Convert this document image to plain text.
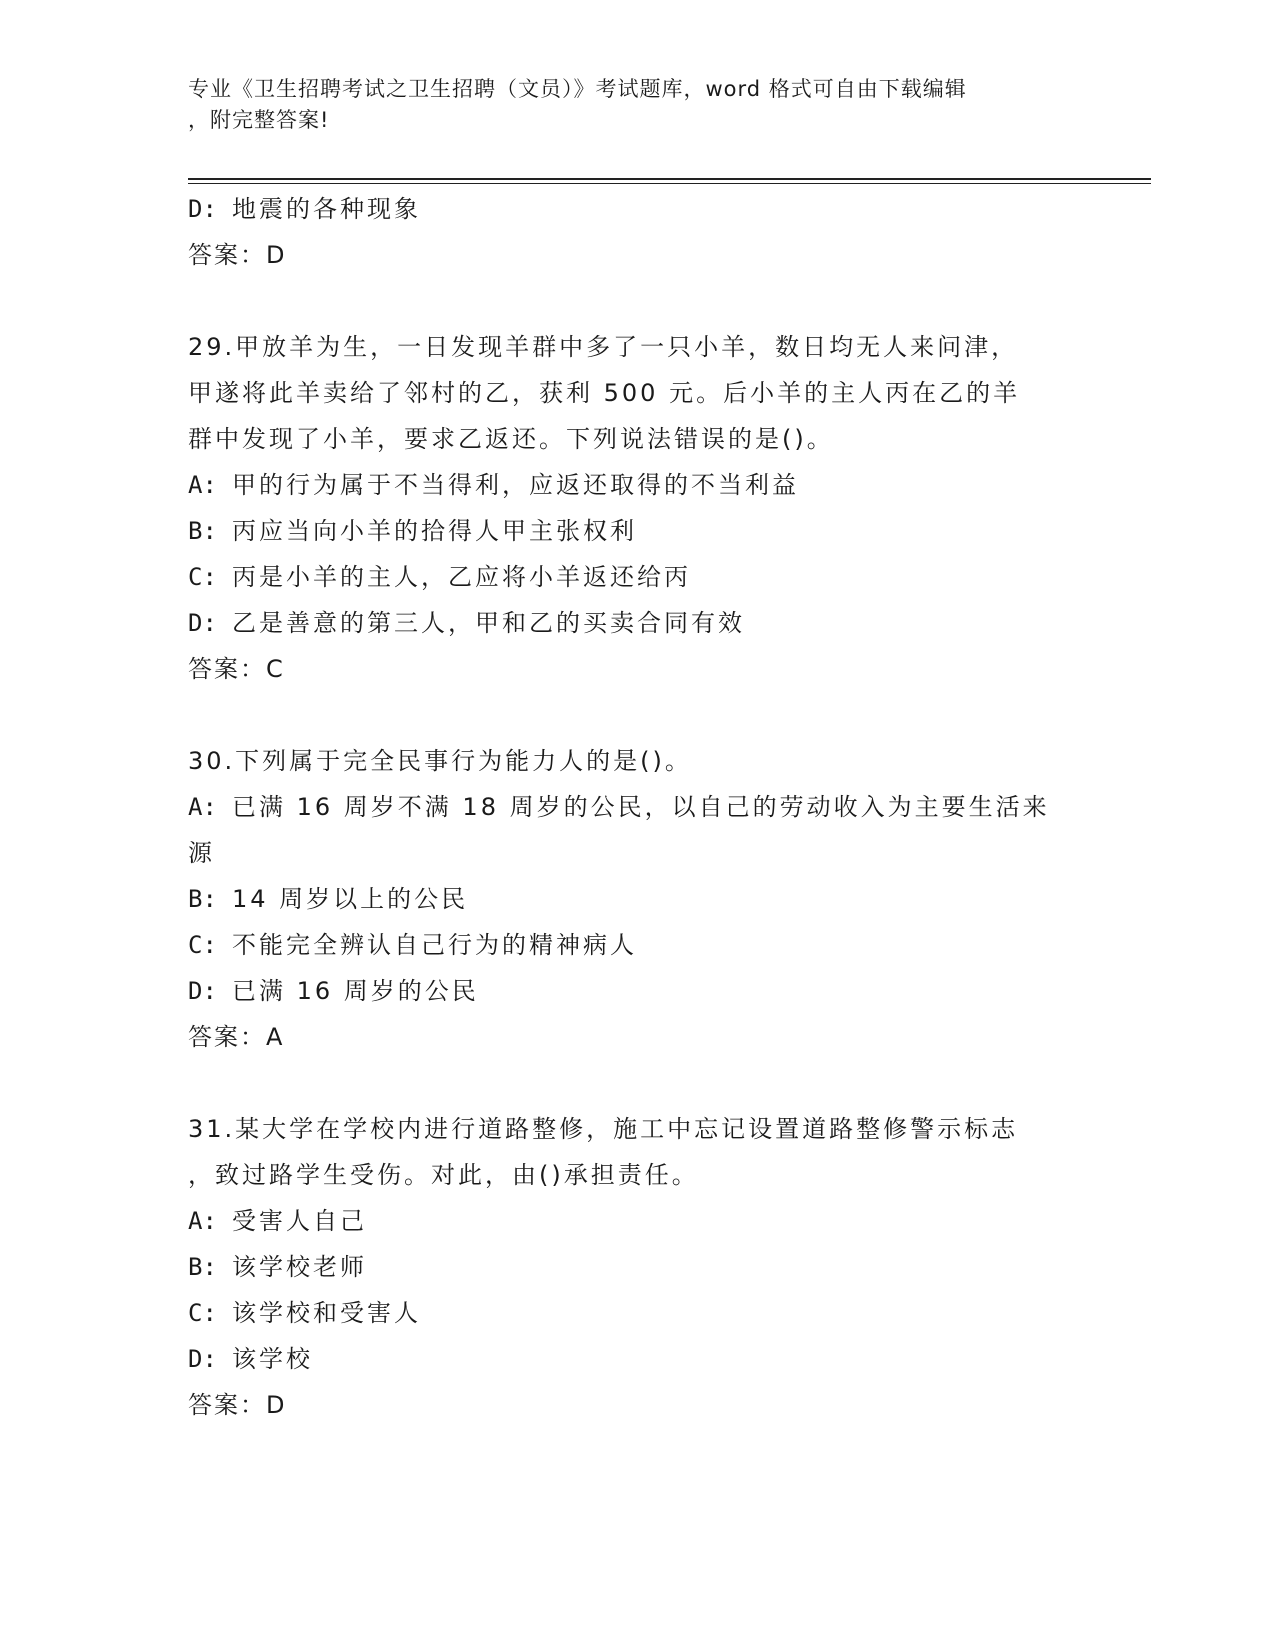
专业《卫生招聘考试之卫生招聘（文员）》考试题库，word 格式可自由下载编辑
，附完整答案!
D: 地震的各种现象
答案：D
29.甲放羊为生，一日发现羊群中多了一只小羊，数日均无人来问津，
甲遂将此羊卖给了邻村的乙，获利 500 元。后小羊的主人丙在乙的羊
群中发现了小羊，要求乙返还。下列说法错误的是()。
A: 甲的行为属于不当得利，应返还取得的不当利益
B: 丙应当向小羊的拾得人甲主张权利
C: 丙是小羊的主人，乙应将小羊返还给丙
D: 乙是善意的第三人，甲和乙的买卖合同有效
答案：C
30.下列属于完全民事行为能力人的是()。
A: 已满 16 周岁不满 18 周岁的公民，以自己的劳动收入为主要生活来
源
B: 14 周岁以上的公民
C: 不能完全辨认自己行为的精神病人
D: 已满 16 周岁的公民
答案：A
31.某大学在学校内进行道路整修，施工中忘记设置道路整修警示标志
，致过路学生受伤。对此，由()承担责任。
A: 受害人自己
B: 该学校老师
C: 该学校和受害人
D: 该学校
答案：D
